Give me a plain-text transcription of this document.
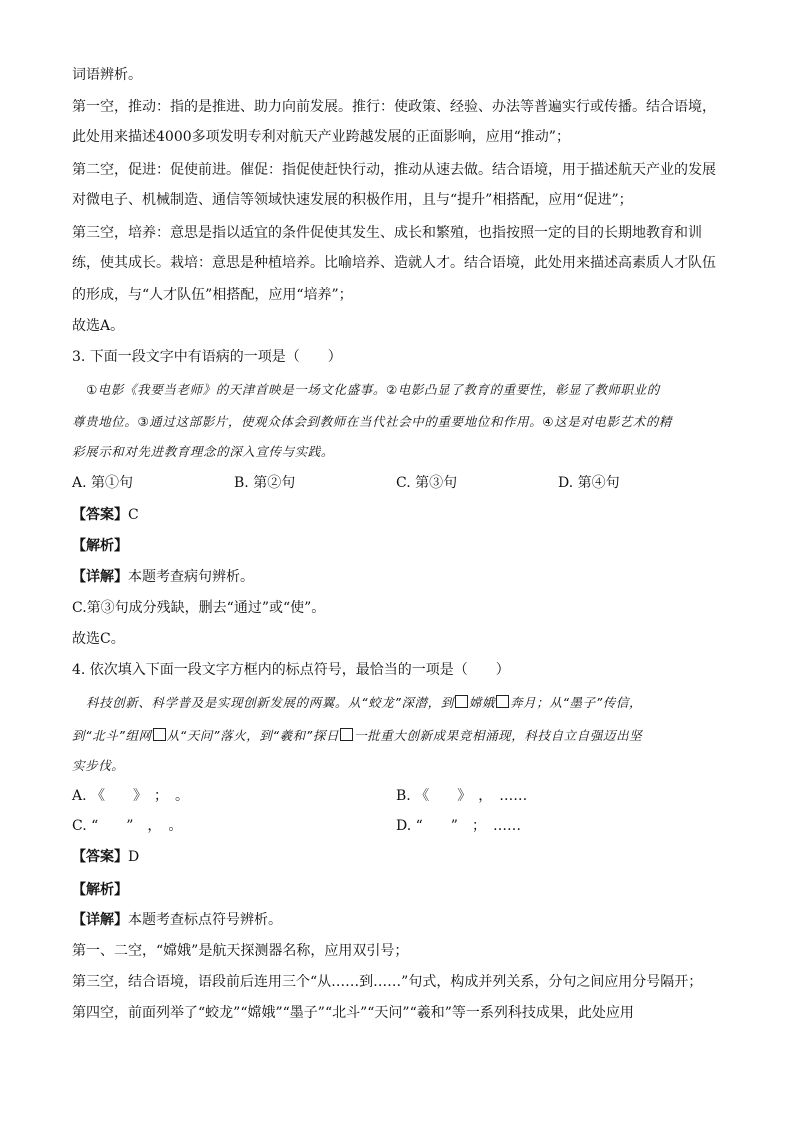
词语辨析。
第一空，推动：指的是推进、助力向前发展。推行：使政策、经验、办法等普遍实行或传播。结合语境，
此处用来描述4000多项发明专利对航天产业跨越发展的正面影响，应用“推动”；
第二空，促进：促使前进。催促：指促使赶快行动，推动从速去做。结合语境，用于描述航天产业的发展
对微电子、机械制造、通信等领域快速发展的积极作用，且与“提升”相搭配，应用“促进”；
第三空，培养：意思是指以适宜的条件促使其发生、成长和繁殖，也指按照一定的目的长期地教育和训
练，使其成长。栽培：意思是种植培养。比喻培养、造就人才。结合语境，此处用来描述高素质人才队伍
的形成，与“人才队伍”相搭配，应用“培养”；
故选A。
3. 下面一段文字中有语病的一项是（　　）
①电影《我要当老师》的天津首映是一场文化盛事。②电影凸显了教育的重要性，彰显了教师职业的
尊贵地位。③通过这部影片，使观众体会到教师在当代社会中的重要地位和作用。④这是对电影艺术的精
彩展示和对先进教育理念的深入宣传与实践。
A. 第①句	B. 第②句	C. 第③句	D. 第④句
【答案】C
【解析】
【详解】本题考查病句辨析。
C.第③句成分残缺，删去“通过”或“使”。
故选C。
4. 依次填入下面一段文字方框内的标点符号，最恰当的一项是（　　）
科技创新、科学普及是实现创新发展的两翼。从“蛟龙”深潜，到 嫦娥 奔月；从“墨子”传信，
到“北斗”组网 从“天问”落火，到“羲和”探日 一批重大创新成果竞相涌现，科技自立自强迈出坚
实步伐。
A. 《　　》　；　。	B. 《　　》　，　……
C. “　　”　，　。	D. “　　”　；　……
【答案】D
【解析】
【详解】本题考查标点符号辨析。
第一、二空，“嫦娥”是航天探测器名称，应用双引号；
第三空，结合语境，语段前后连用三个“从……到……”句式，构成并列关系，分句之间应用分号隔开；
第四空，前面列举了“蛟龙”“嫦娥”“墨子”“北斗”“天问”“羲和”等一系列科技成果，此处应用
